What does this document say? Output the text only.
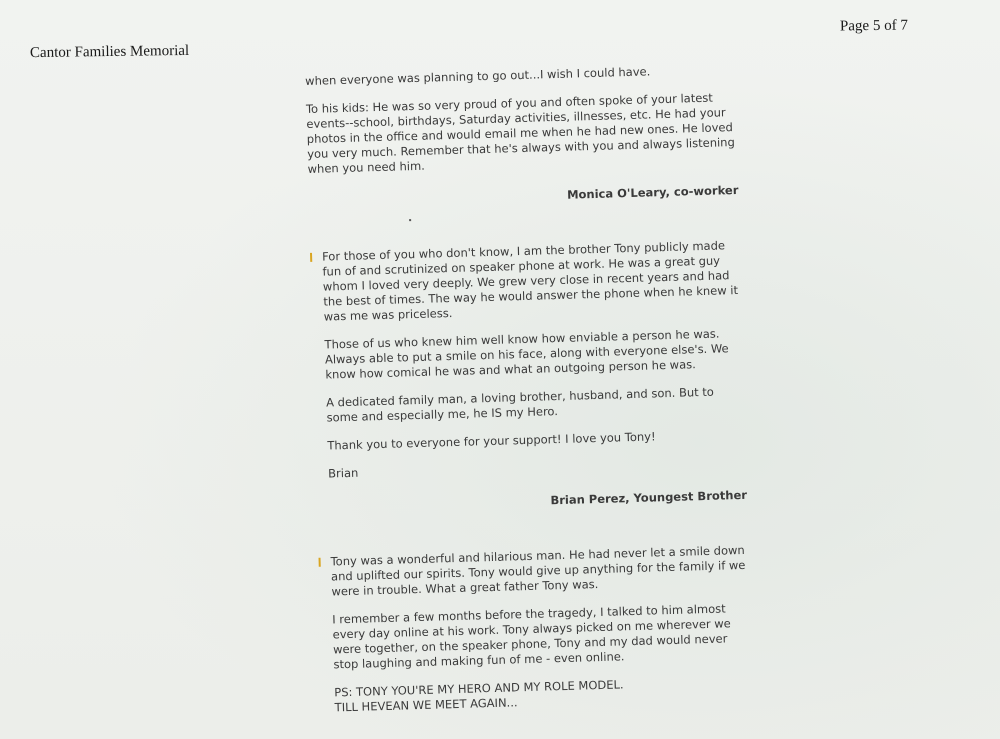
Cantor Families Memorial
Page 5 of 7

when everyone was planning to go out...I wish I could have.

To his kids: He was so very proud of you and often spoke of your latest events--school, birthdays, Saturday activities, illnesses, etc. He had your photos in the office and would email me when he had new ones. He loved you very much. Remember that he's always with you and always listening when you need him.

Monica O'Leary, co-worker

For those of you who don't know, I am the brother Tony publicly made fun of and scrutinized on speaker phone at work. He was a great guy whom I loved very deeply. We grew very close in recent years and had the best of times. The way he would answer the phone when he knew it was me was priceless.

Those of us who knew him well know how enviable a person he was. Always able to put a smile on his face, along with everyone else's. We know how comical he was and what an outgoing person he was.

A dedicated family man, a loving brother, husband, and son. But to some and especially me, he IS my Hero.

Thank you to everyone for your support! I love you Tony!

Brian

Brian Perez, Youngest Brother

Tony was a wonderful and hilarious man. He had never let a smile down and uplifted our spirits. Tony would give up anything for the family if we were in trouble. What a great father Tony was.

I remember a few months before the tragedy, I talked to him almost every day online at his work. Tony always picked on me wherever we were together, on the speaker phone, Tony and my dad would never stop laughing and making fun of me - even online.

PS: TONY YOU'RE MY HERO AND MY ROLE MODEL.

TILL HEVEAN WE MEET AGAIN...
